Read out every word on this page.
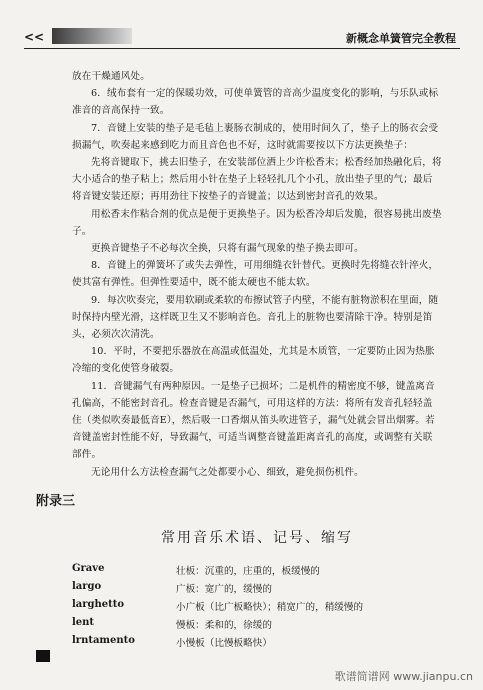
<<	新概念单簧管完全教程

放在干燥通风处。

6．绒布套有一定的保暖功效，可使单簧管的音高少温度变化的影响，与乐队或标准音的音高保持一致。

7．音键上安装的垫子是毛毡上裹肠衣制成的，使用时间久了，垫子上的肠衣会受损漏气，吹奏起来感到吃力而且音色也不好，这时就需要按以下方法更换垫子：

先将音键取下，挑去旧垫子，在安装部位洒上少许松香末；松香经加热融化后，将大小适合的垫子粘上；然后用小针在垫子上轻轻扎几个小孔，放出垫子里的气；最后将音键安装还原；再用劲往下按垫子的音键盖；以达到密封音孔的效果。

用松香末作粘合剂的优点是便于更换垫子。因为松香冷却后发脆，很容易挑出废垫子。

更换音键垫子不必每次全换，只将有漏气现象的垫子换去即可。

8．音键上的弹簧坏了或失去弹性，可用细缝衣针替代。更换时先将缝衣针淬火，使其富有弹性。但弹性要适中，既不能太硬也不能太软。

9．每次吹奏完，要用软刷或柔软的布擦试管子内壁，不能有脏物淤积在里面，随时保持内壁光滑，这样既卫生又不影响音色。音孔上的脏物也要清除干净。特别是笛头，必须次次清洗。

10．平时，不要把乐器放在高温或低温处，尤其是木质管，一定要防止因为热胀冷缩的变化使管身破裂。

11．音键漏气有两种原因。一是垫子已损坏；二是机件的精密度不够，键盖离音孔偏高，不能密封音孔。检查音键是否漏气，可用这样的方法：将所有发音孔轻轻盖住（类似吹奏最低音E），然后吸一口香烟从笛头吹进管子，漏气处就会冒出烟雾。若音键盖密封性能不好，导致漏气，可适当调整音键盖距离音孔的高度，或调整有关联部件。

无论用什么方法检查漏气之处都要小心、细致，避免损伤机件。

附录三
常用音乐术语、记号、缩写
Grave	壮板：沉重的，庄重的，板缓慢的
largo	广板：宽广的，缓慢的
larghetto	小广板（比广板略快）；稍宽广的，稍缓慢的
lent	慢板：柔和的，徐缓的
lrntamento	小慢板（比慢板略快）
歌谱简谱网 www.jianpu.cn
